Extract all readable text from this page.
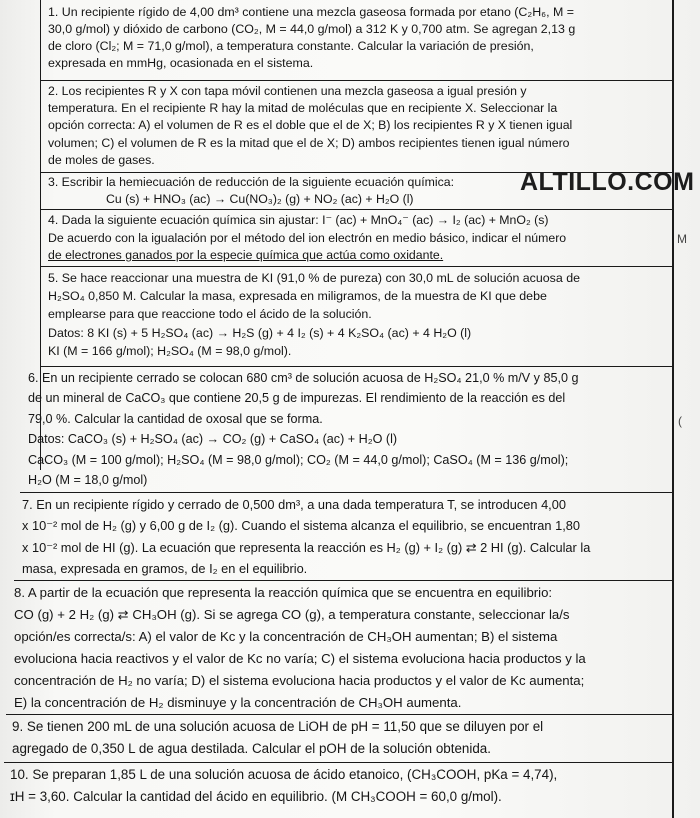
1. Un recipiente rígido de 4,00 dm³ contiene una mezcla gaseosa formada por etano (C₂H₆, M =
30,0 g/mol) y dióxido de carbono (CO₂, M = 44,0 g/mol) a 312 K y 0,700 atm. Se agregan 2,13 g
de cloro (Cl₂; M = 71,0 g/mol), a temperatura constante. Calcular la variación de presión,
expresada en mmHg, ocasionada en el sistema.
2. Los recipientes R y X con tapa móvil contienen una mezcla gaseosa a igual presión y
temperatura. En el recipiente R hay la mitad de moléculas que en recipiente X. Seleccionar la
opción correcta: A) el volumen de R es el doble que el de X; B) los recipientes R y X tienen igual
volumen; C) el volumen de R es la mitad que el de X; D) ambos recipientes tienen igual número
de moles de gases.
3. Escribir la hemiecuación de reducción de la siguiente ecuación química:
Cu (s) + HNO₃ (ac) → Cu(NO₃)₂ (g) + NO₂ (ac) + H₂O (l)
ALTILLO.COM
4. Dada la siguiente ecuación química sin ajustar: I⁻ (ac) + MnO₄⁻ (ac) → I₂ (ac) + MnO₂ (s)
De acuerdo con la igualación por el método del ion electrón en medio básico, indicar el número
de electrones ganados por la especie química que actúa como oxidante.
M
5. Se hace reaccionar una muestra de KI (91,0 % de pureza) con 30,0 mL de solución acuosa de
H₂SO₄ 0,850 M. Calcular la masa, expresada en miligramos, de la muestra de KI que debe
emplearse para que reaccione todo el ácido de la solución.
Datos: 8 KI (s) + 5 H₂SO₄ (ac) → H₂S (g) + 4 I₂ (s) + 4 K₂SO₄ (ac) + 4 H₂O (l)
KI (M = 166 g/mol); H₂SO₄ (M = 98,0 g/mol).
6. En un recipiente cerrado se colocan 680 cm³ de solución acuosa de H₂SO₄ 21,0 % m/V y 85,0 g
de un mineral de CaCO₃ que contiene 20,5 g de impurezas. El rendimiento de la reacción es del
79,0 %. Calcular la cantidad de oxosal que se forma.
Datos: CaCO₃ (s) + H₂SO₄ (ac) → CO₂ (g) + CaSO₄ (ac) + H₂O (l)
CaCO₃ (M = 100 g/mol); H₂SO₄ (M = 98,0 g/mol); CO₂ (M = 44,0 g/mol); CaSO₄ (M = 136 g/mol);
H₂O (M = 18,0 g/mol)
(
7. En un recipiente rígido y cerrado de 0,500 dm³, a una dada temperatura T, se introducen 4,00
x 10⁻² mol de H₂ (g) y 6,00 g de I₂ (g). Cuando el sistema alcanza el equilibrio, se encuentran 1,80
x 10⁻² mol de HI (g). La ecuación que representa la reacción es H₂ (g) + I₂ (g) ⇄ 2 HI (g). Calcular la
masa, expresada en gramos, de I₂ en el equilibrio.
8. A partir de la ecuación que representa la reacción química que se encuentra en equilibrio:
CO (g) + 2 H₂ (g) ⇄ CH₃OH (g). Si se agrega CO (g), a temperatura constante, seleccionar la/s
opción/es correcta/s: A) el valor de Kc y la concentración de CH₃OH aumentan; B) el sistema
evoluciona hacia reactivos y el valor de Kc no varía; C) el sistema evoluciona hacia productos y la
concentración de H₂ no varía; D) el sistema evoluciona hacia productos y el valor de Kc aumenta;
E) la concentración de H₂ disminuye y la concentración de CH₃OH aumenta.
9. Se tienen 200 mL de una solución acuosa de LiOH de pH = 11,50 que se diluyen por el
agregado de 0,350 L de agua destilada. Calcular el pOH de la solución obtenida.
10. Se preparan 1,85 L de una solución acuosa de ácido etanoico, (CH₃COOH, pKa = 4,74),
ɪH = 3,60. Calcular la cantidad del ácido en equilibrio. (M CH₃COOH = 60,0 g/mol).
